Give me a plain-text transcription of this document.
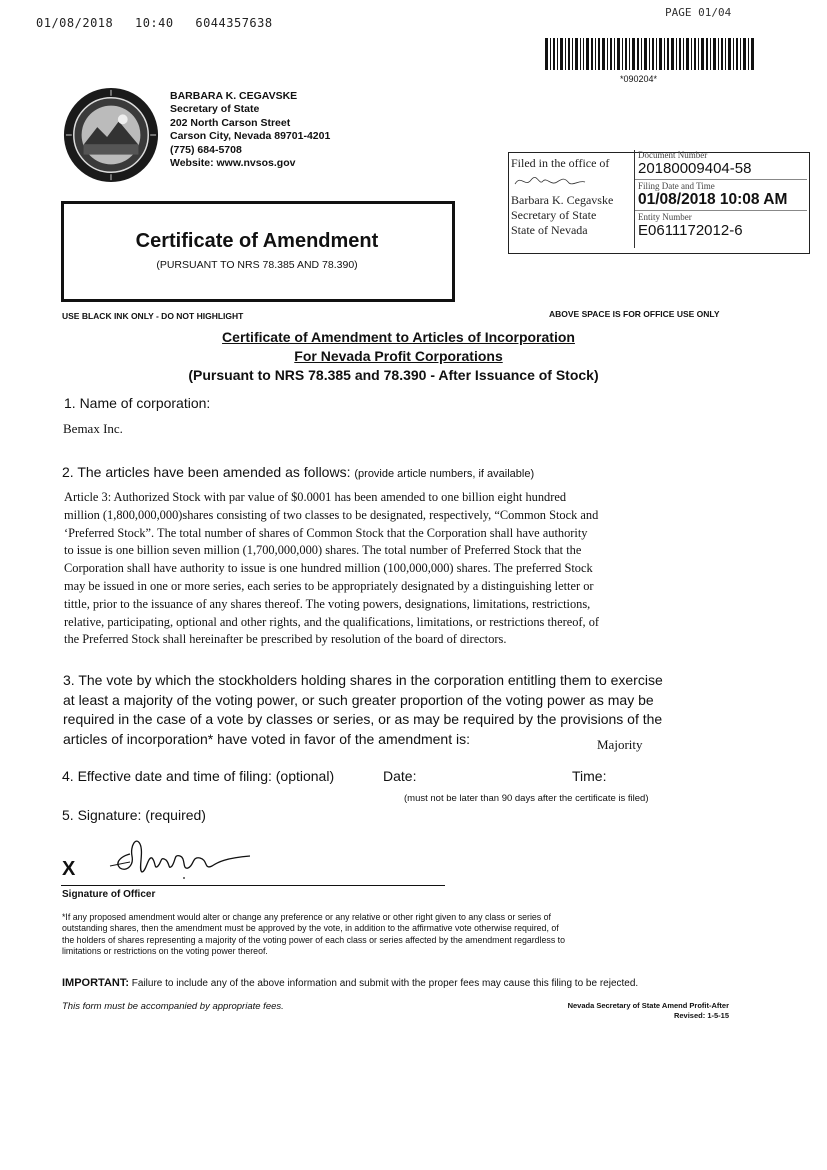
01/08/2018 10:40 6044357638
PAGE 01/04
*090204*
BARBARA K. CEGAVSKE
Secretary of State
202 North Carson Street
Carson City, Nevada 89701-4201
(775) 684-5708
Website: www.nvsos.gov	Filed in the office of
Barbara K. Cegavske
Secretary of State
State of Nevada
Document Number
20180009404-58
Filing Date and Time
01/08/2018 10:08 AM
Entity Number
E0611172012-6
Certificate of Amendment
(PURSUANT TO NRS 78.385 AND 78.390)
USE BLACK INK ONLY - DO NOT HIGHLIGHT	ABOVE SPACE IS FOR OFFICE USE ONLY
Certificate of Amendment to Articles of Incorporation
For Nevada Profit Corporations
(Pursuant to NRS 78.385 and 78.390 - After Issuance of Stock)
1. Name of corporation:
Bemax Inc.
2. The articles have been amended as follows: (provide article numbers, if available)
Article 3: Authorized Stock with par value of $0.0001 has been amended to one billion eight hundred
million (1,800,000,000)shares consisting of two classes to be designated, respectively, “Common Stock and
‘Preferred Stock”. The total number of shares of Common Stock that the Corporation shall have authority
to issue is one billion seven million (1,700,000,000) shares. The total number of Preferred Stock that the
Corporation shall have authority to issue is one hundred million (100,000,000) shares. The preferred Stock
may be issued in one or more series, each series to be appropriately designated by a distinguishing letter or
tittle, prior to the issuance of any shares thereof. The voting powers, designations, limitations, restrictions,
relative, participating, optional and other rights, and the qualifications, limitations, or restrictions thereof, of
the Preferred Stock shall hereinafter be prescribed by resolution of the board of directors.
3. The vote by which the stockholders holding shares in the corporation entitling them to exercise
at least a majority of the voting power, or such greater proportion of the voting power as may be
required in the case of a vote by classes or series, or as may be required by the provisions of the
articles of incorporation* have voted in favor of the amendment is:	Majority
4. Effective date and time of filing: (optional)	Date:	Time:
(must not be later than 90 days after the certificate is filed)
5. Signature: (required)
X
Signature of Officer
*If any proposed amendment would alter or change any preference or any relative or other right given to any class or series of
outstanding shares, then the amendment must be approved by the vote, in addition to the affirmative vote otherwise required, of
the holders of shares representing a majority of the voting power of each class or series affected by the amendment regardless to
limitations or restrictions on the voting power thereof.
IMPORTANT: Failure to include any of the above information and submit with the proper fees may cause this filing to be rejected.
This form must be accompanied by appropriate fees.	Nevada Secretary of State Amend Profit-After
Revised: 1-5-15
